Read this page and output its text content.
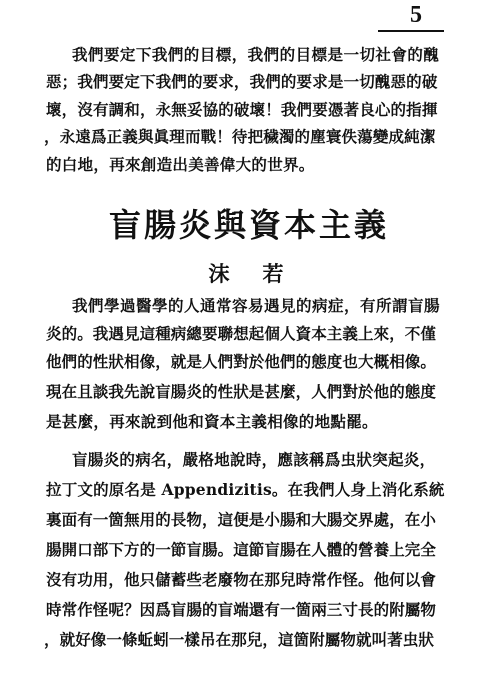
5
我們要定下我們的目標，我們的目標是一切社會的醜
惡；我們要定下我們的要求，我們的要求是一切醜惡的破
壞，沒有調和，永無妥協的破壞！我們要憑著良心的指揮
，永遠爲正義與眞理而戰！待把穢濁的塵寰佚蕩變成純潔
的白地，再來創造出美善偉大的世界。
盲腸炎與資本主義
沫　若
我們學過醫學的人通常容易遇見的病症，有所謂盲腸
炎的。我遇見這種病總要聯想起個人資本主義上來，不僅
他們的性狀相像，就是人們對於他們的態度也大概相像。
現在且談我先說盲腸炎的性狀是甚麼，人們對於他的態度
是甚麼，再來說到他和資本主義相像的地點罷。
盲腸炎的病名，嚴格地說時，應該稱爲虫狀突起炎，
拉丁文的原名是 Appendizitis。在我們人身上消化系統
裏面有一箇無用的長物，這便是小腸和大腸交界處，在小
腸開口部下方的一節盲腸。這節盲腸在人體的營養上完全
沒有功用，他只儲蓄些老廢物在那兒時常作怪。他何以會
時常作怪呢？因爲盲腸的盲端還有一箇兩三寸長的附屬物
，就好像一條蚯蚓一樣吊在那兒，這箇附屬物就叫著虫狀
